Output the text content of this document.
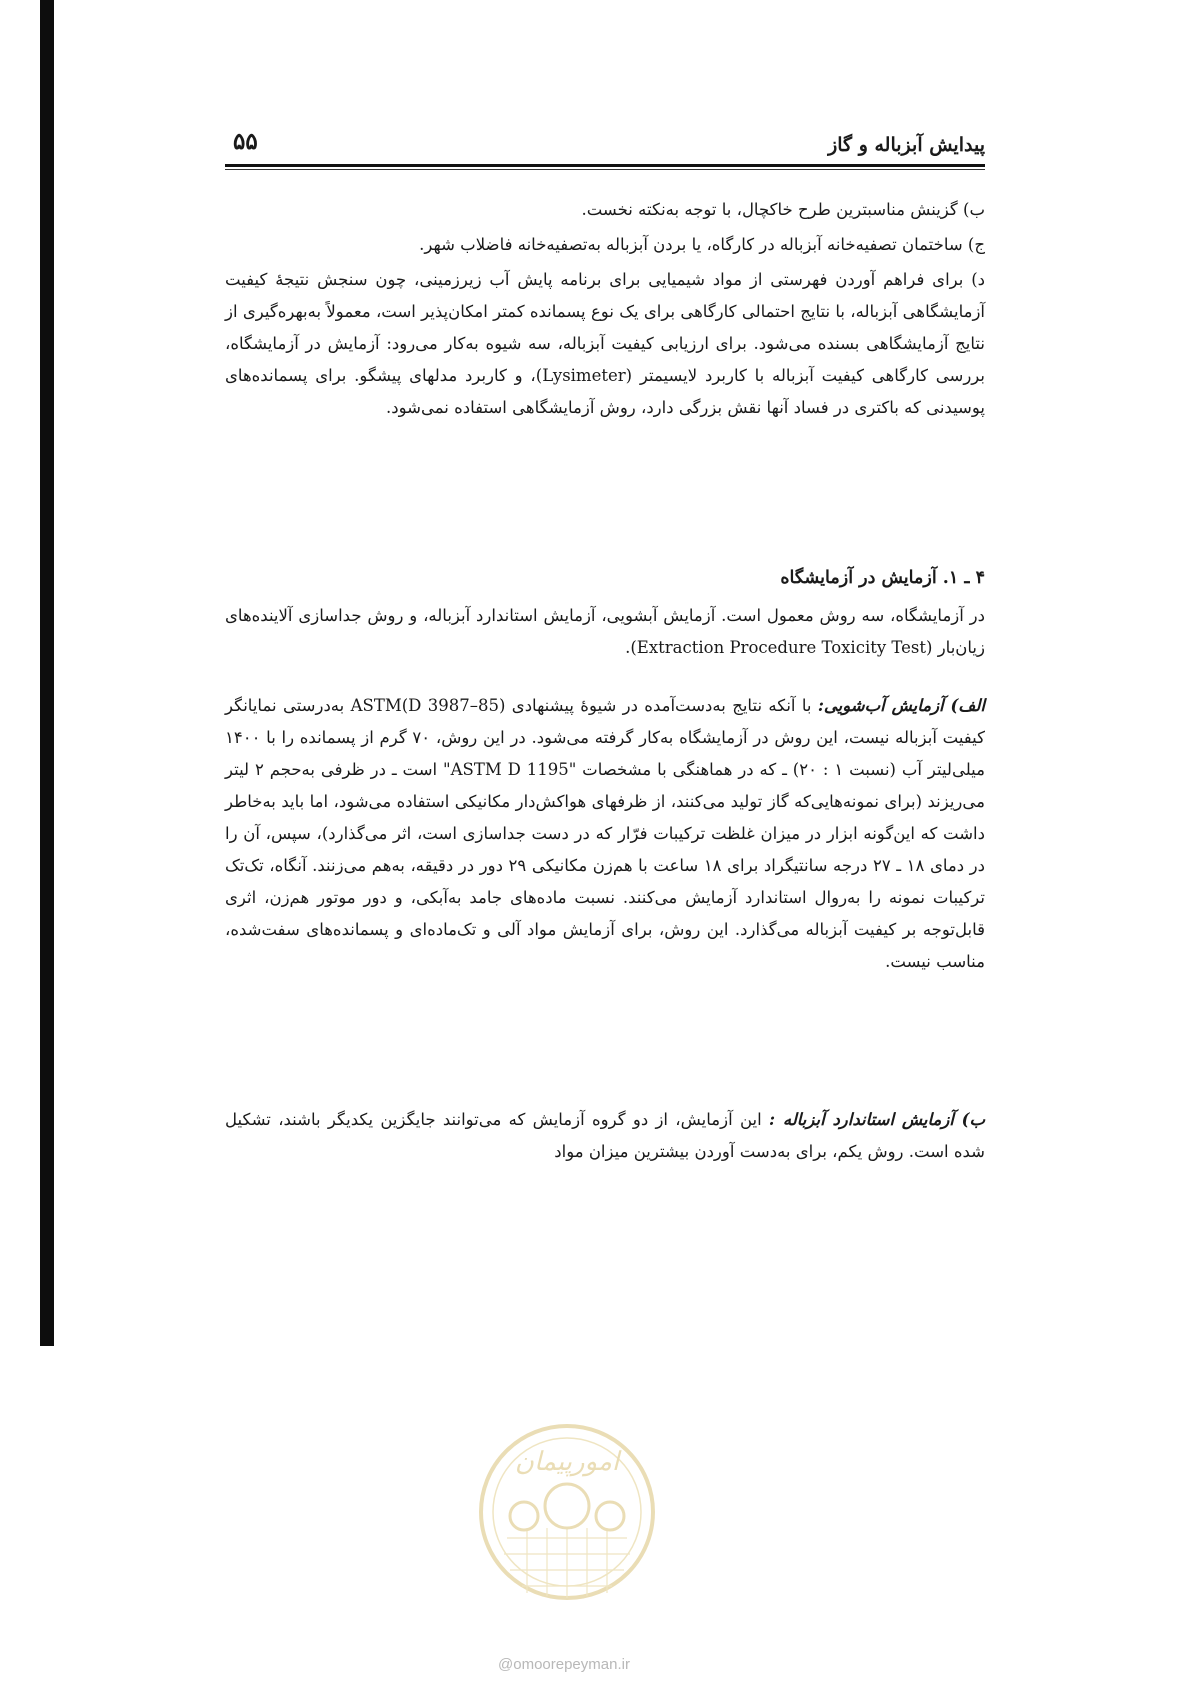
پیدایش آبزباله و گاز
۵۵

ب) گزینش مناسبترین طرح خاکچال، با توجه به‌نکته نخست.

ج) ساختمان تصفیه‌خانه آبزباله در کارگاه، یا بردن آبزباله به‌تصفیه‌خانه فاضلاب شهر.

د) برای فراهم آوردن فهرستی از مواد شیمیایی برای برنامه پایش آب زیرزمینی، چون سنجش نتیجهٔ کیفیت آزمایشگاهی آبزباله، با نتایج احتمالی کارگاهی برای یک نوع پسمانده کمتر امکان‌پذیر است، معمولاً به‌بهره‌گیری از نتایج آزمایشگاهی بسنده می‌شود. برای ارزیابی کیفیت آبزباله، سه شیوه به‌کار می‌رود: آزمایش در آزمایشگاه، بررسی کارگاهی کیفیت آبزباله با کاربرد لایسیمتر (Lysimeter)، و کاربرد مدلهای پیشگو. برای پسمانده‌های پوسیدنی که باکتری در فساد آنها نقش بزرگی دارد، روش آزمایشگاهی استفاده نمی‌شود.

۴ ـ ۱. آزمایش در آزمایشگاه

در آزمایشگاه، سه روش معمول است. آزمایش آبشویی، آزمایش استاندارد آبزباله، و روش جداسازی آلاینده‌های زیان‌بار (Extraction Procedure Toxicity Test).

الف) آزمایش آب‌شویی: با آنکه نتایج به‌دست‌آمده در شیوهٔ پیشنهادی (85–ASTM(D 3987 به‌درستی نمایانگر کیفیت آبزباله نیست، این روش در آزمایشگاه به‌کار گرفته می‌شود. در این روش، ۷۰ گرم از پسمانده را با ۱۴۰۰ میلی‌لیتر آب (نسبت ۱ : ۲۰) ـ که در هماهنگی با مشخصات "ASTM D 1195" است ـ در ظرفی به‌حجم ۲ لیتر می‌ریزند (برای نمونه‌هایی‌که گاز تولید می‌کنند، از ظرفهای هواکش‌دار مکانیکی استفاده می‌شود، اما باید به‌خاطر داشت که این‌گونه ابزار در میزان غلظت ترکیبات فرّار که در دست جداسازی است، اثر می‌گذارد)، سپس، آن را در دمای ۱۸ ـ ۲۷ درجه سانتیگراد برای ۱۸ ساعت با هم‌زن مکانیکی ۲۹ دور در دقیقه، به‌هم می‌زنند. آنگاه، تک‌تک ترکیبات نمونه را به‌روال استاندارد آزمایش می‌کنند. نسبت ماده‌های جامد به‌آبکی، و دور موتور هم‌زن، اثری قابل‌توجه بر کیفیت آبزباله می‌گذارد. این روش، برای آزمایش مواد آلی و تک‌ماده‌ای و پسمانده‌های سفت‌شده، مناسب نیست.

ب) آزمایش استاندارد آبزباله : این آزمایش، از دو گروه آزمایش که می‌توانند جایگزین یکدیگر باشند، تشکیل شده است. روش یکم، برای به‌دست آوردن بیشترین میزان مواد

امورپیمان
@omoorepeyman.ir
